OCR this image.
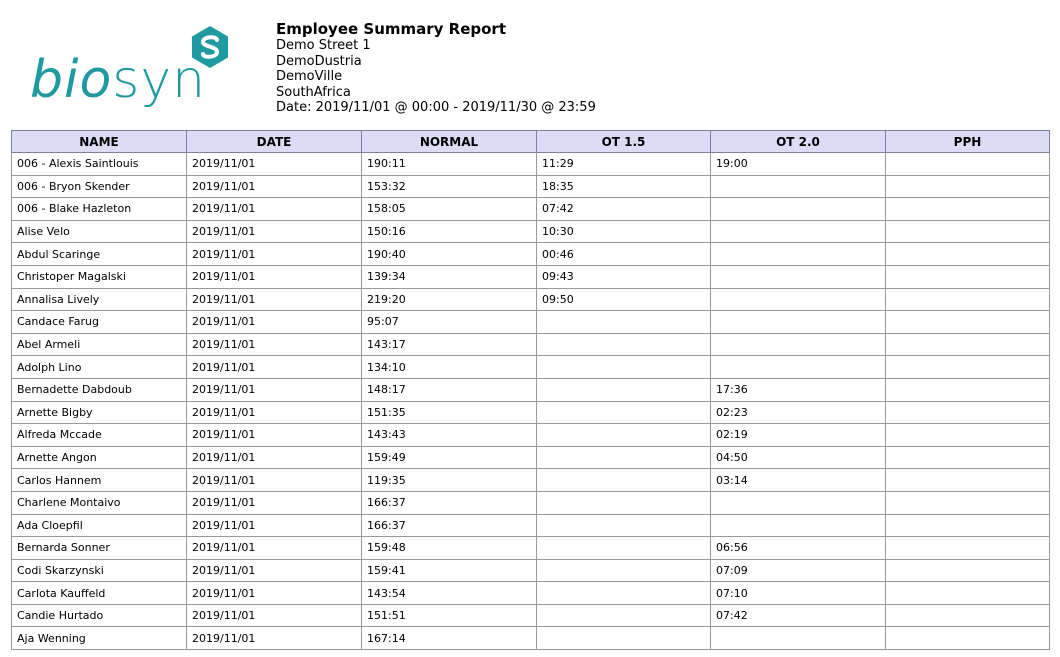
biosyn
Employee Summary Report
Demo Street 1
DemoDustria
DemoVille
SouthAfrica
Date: 2019/11/01 @ 00:00 - 2019/11/30 @ 23:59
NAME	DATE	NORMAL	OT 1.5	OT 2.0	PPH
006 - Alexis Saintlouis	2019/11/01	190:11	11:29	19:00	
006 - Bryon Skender	2019/11/01	153:32	18:35		
006 - Blake Hazleton	2019/11/01	158:05	07:42		
Alise Velo	2019/11/01	150:16	10:30		
Abdul Scaringe	2019/11/01	190:40	00:46		
Christoper Magalski	2019/11/01	139:34	09:43		
Annalisa Lively	2019/11/01	219:20	09:50		
Candace Farug	2019/11/01	95:07			
Abel Armeli	2019/11/01	143:17			
Adolph Lino	2019/11/01	134:10			
Bernadette Dabdoub	2019/11/01	148:17		17:36	
Arnette Bigby	2019/11/01	151:35		02:23	
Alfreda Mccade	2019/11/01	143:43		02:19	
Arnette Angon	2019/11/01	159:49		04:50	
Carlos Hannem	2019/11/01	119:35		03:14	
Charlene Montaivo	2019/11/01	166:37			
Ada Cloepfil	2019/11/01	166:37			
Bernarda Sonner	2019/11/01	159:48		06:56	
Codi Skarzynski	2019/11/01	159:41		07:09	
Carlota Kauffeld	2019/11/01	143:54		07:10	
Candie Hurtado	2019/11/01	151:51		07:42	
Aja Wenning	2019/11/01	167:14			
